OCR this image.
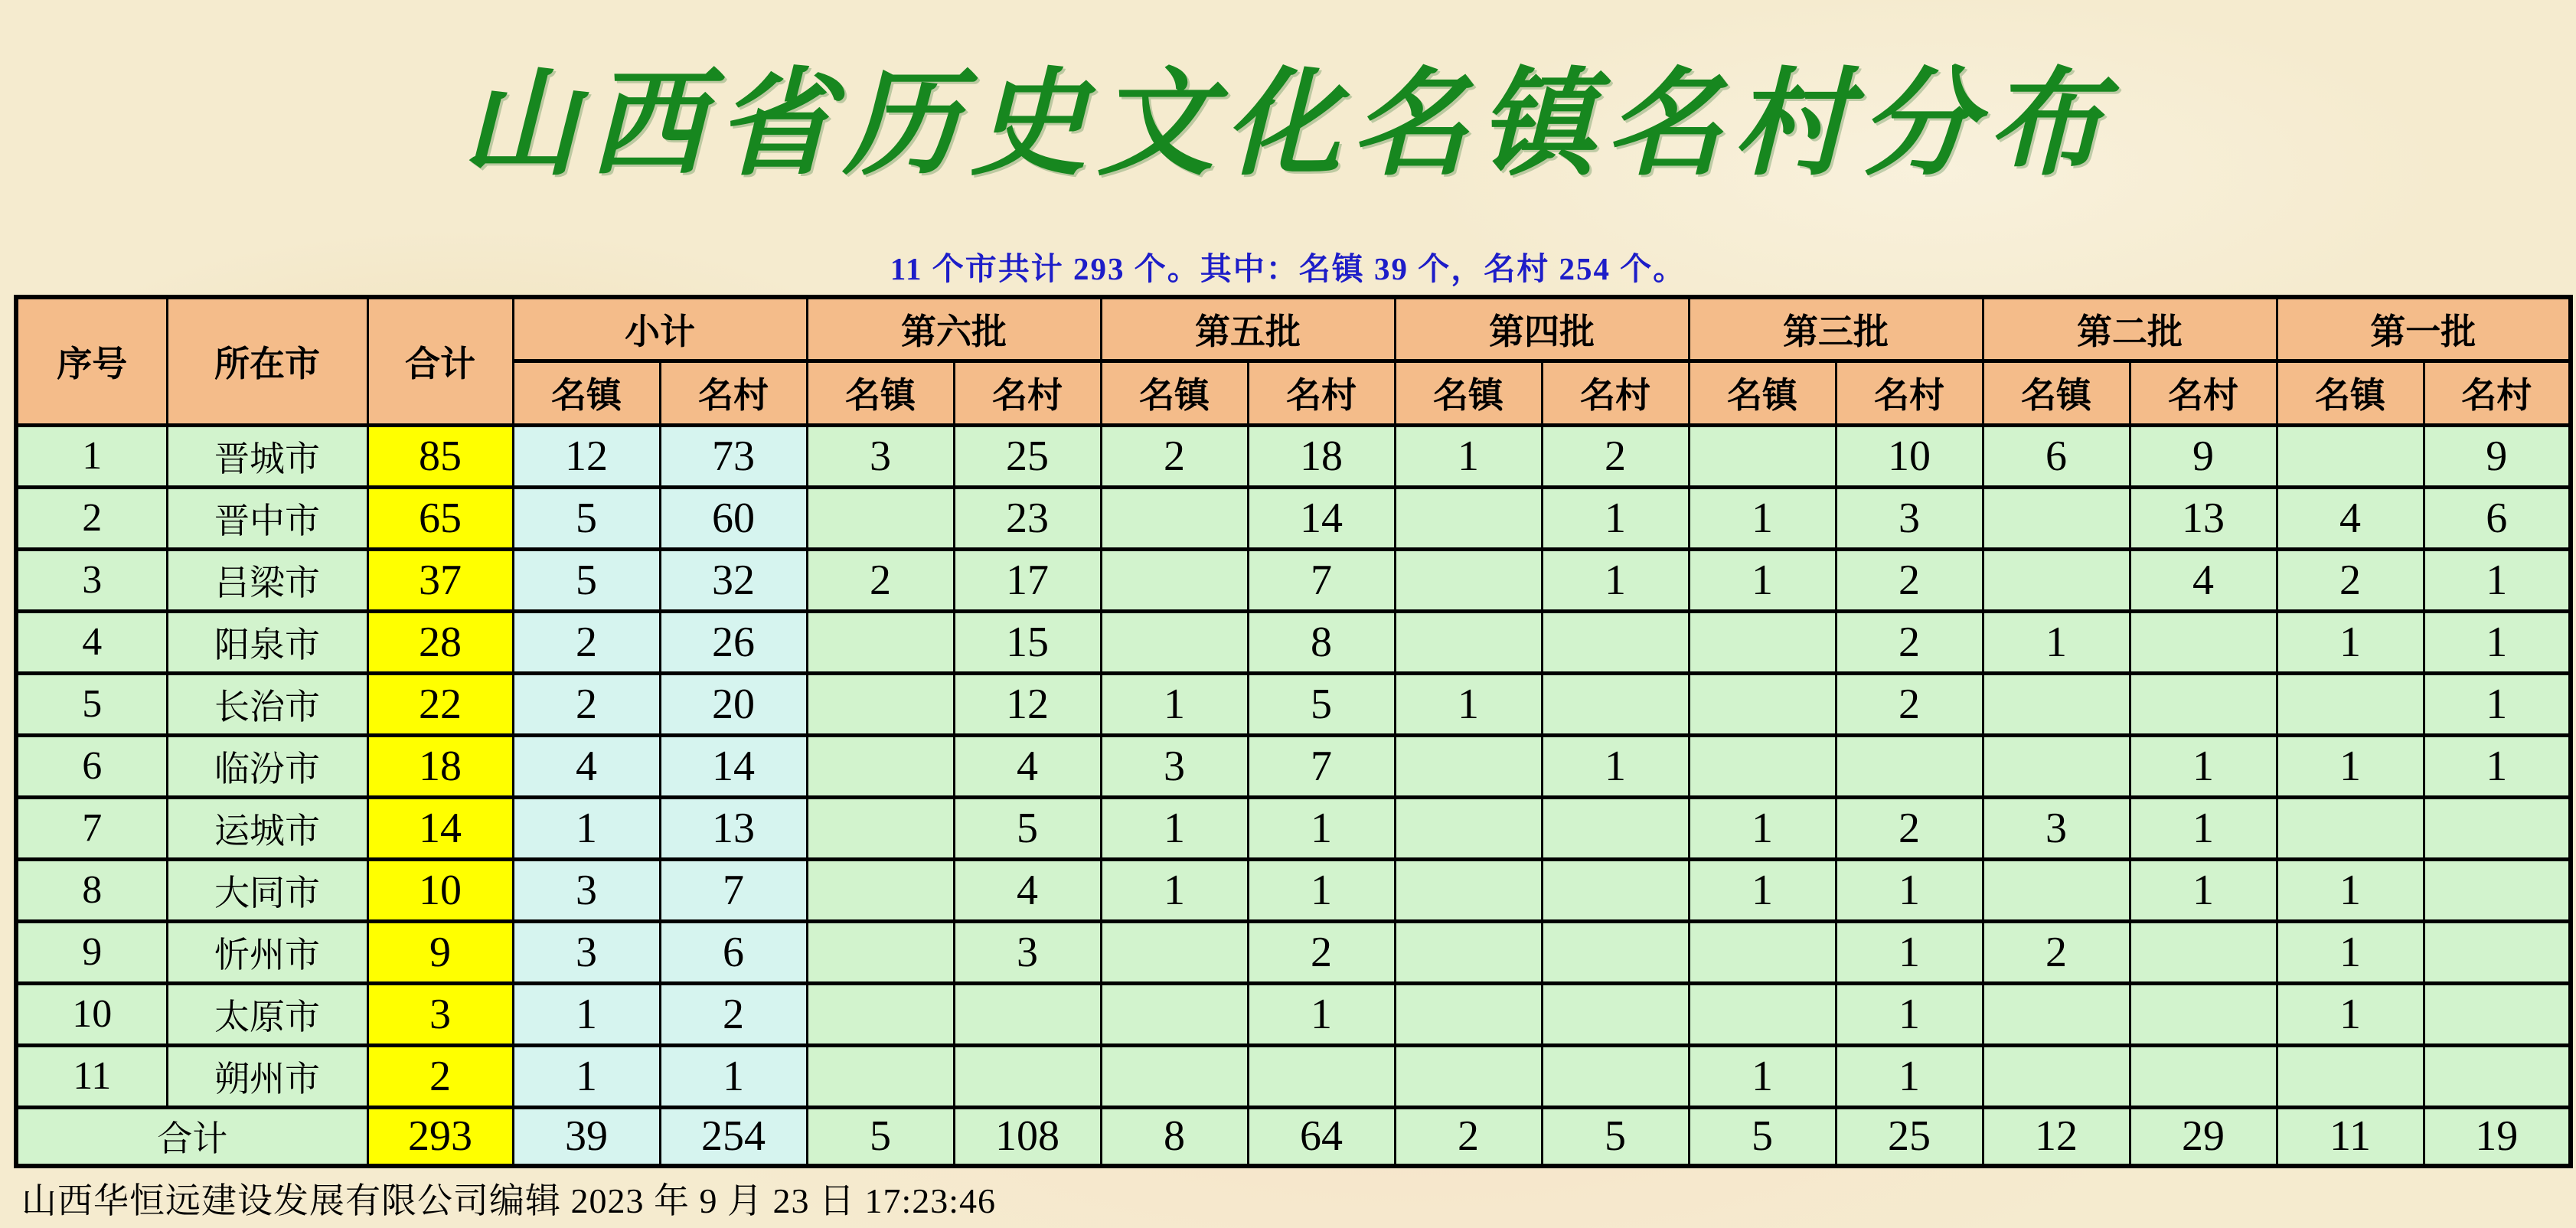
山西省历史文化名镇名村分布
11 个市共计 293 个。其中：名镇 39 个，名村 254 个。
序号	所在市	合计	小计		第六批		第五批		第四批		第三批		第二批		第一批	
			名镇	名村	名镇	名村	名镇	名村	名镇	名村	名镇	名村	名镇	名村	名镇	名村
1	晋城市	85	12	73	3	25	2	18	1	2		10	6	9		9
2	晋中市	65	5	60		23		14		1	1	3		13	4	6
3	吕梁市	37	5	32	2	17		7		1	1	2		4	2	1
4	阳泉市	28	2	26		15		8				2	1		1	1
5	长治市	22	2	20		12	1	5	1			2				1
6	临汾市	18	4	14		4	3	7		1				1	1	1
7	运城市	14	1	13		5	1	1			1	2	3	1		
8	大同市	10	3	7		4	1	1			1	1		1	1	
9	忻州市	9	3	6		3		2				1	2		1	
10	太原市	3	1	2				1				1			1	
11	朔州市	2	1	1							1	1				
合计		293	39	254	5	108	8	64	2	5	5	25	12	29	11	19
山西华恒远建设发展有限公司编辑 2023 年 9 月 23 日 17:23:46
